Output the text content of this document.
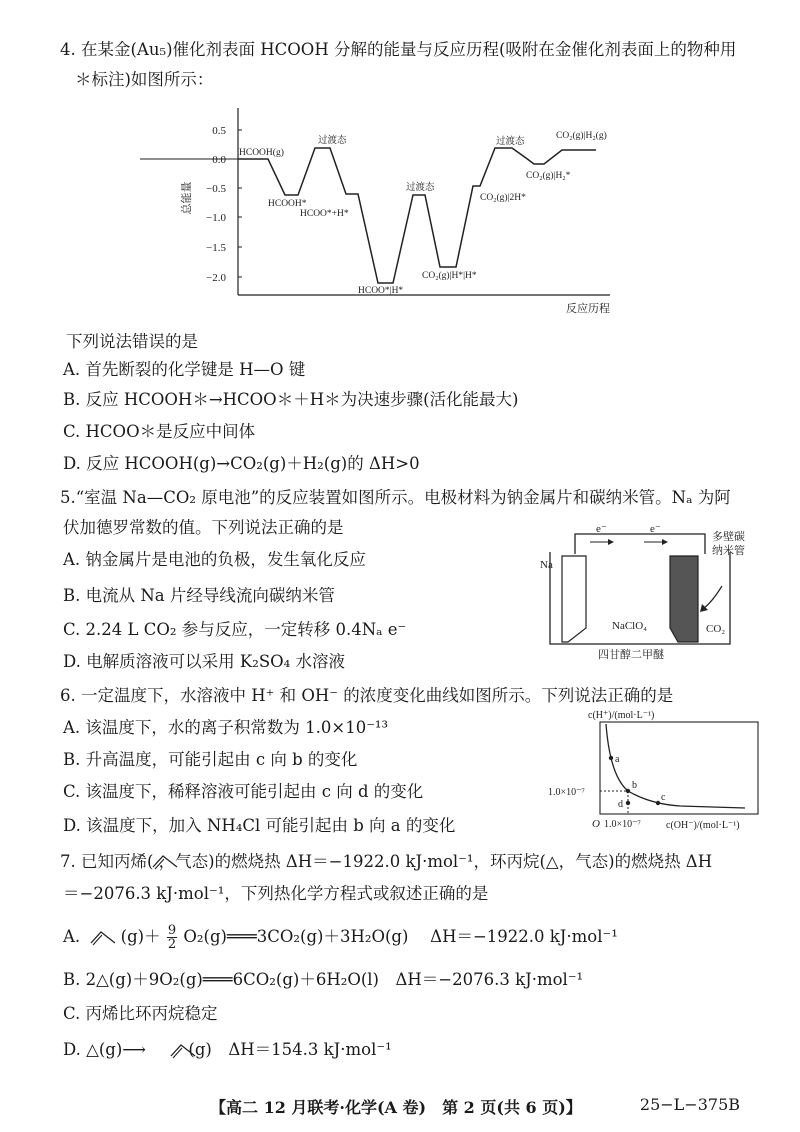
4. 在某金(Au₅)催化剂表面 HCOOH 分解的能量与反应历程(吸附在金催化剂表面上的物种用
＊标注)如图所示：
0.5
0.0
−0.5
−1.0
−1.5
−2.0
总能量
反应历程
HCOOH(g)
过渡态
HCOOH*
HCOO*+H*
HCOO*|H*
过渡态
CO₂(g)|H*|H*
CO₂(g)|2H*
过渡态
CO₂(g)|H₂*
CO₂(g)|H₂(g)
下列说法错误的是
A. 首先断裂的化学键是 H—O 键
B. 反应 HCOOH＊→HCOO＊＋H＊为决速步骤(活化能最大)
C. HCOO＊是反应中间体
D. 反应 HCOOH(g)→CO₂(g)＋H₂(g)的 ΔH>0
5.“室温 Na—CO₂ 原电池”的反应装置如图所示。电极材料为钠金属片和碳纳米管。Nₐ 为阿
伏加德罗常数的值。下列说法正确的是
A. 钠金属片是电池的负极，发生氧化反应
B. 电流从 Na 片经导线流向碳纳米管
C. 2.24 L CO₂ 参与反应，一定转移 0.4Nₐ e⁻
D. 电解质溶液可以采用 K₂SO₄ 水溶液
e⁻	e⁻
Na
多壁碳
纳米管
CO₂
NaClO₄
四甘醇二甲醚
6. 一定温度下，水溶液中 H⁺ 和 OH⁻ 的浓度变化曲线如图所示。下列说法正确的是
A. 该温度下，水的离子积常数为 1.0×10⁻¹³
B. 升高温度，可能引起由 c 向 b 的变化
C. 该温度下，稀释溶液可能引起由 c 向 d 的变化
D. 该温度下，加入 NH₄Cl 可能引起由 b 向 a 的变化
c(H⁺)/(mol·L⁻¹)
c(OH⁻)/(mol·L⁻¹)
O
1.0×10⁻⁷
1.0×10⁻⁷
a
b
c
d
7. 已知丙烯( ，气态)的燃烧热 ΔH＝−1922.0 kJ·mol⁻¹，环丙烷(△，气态)的燃烧热 ΔH
＝−2076.3 kJ·mol⁻¹，下列热化学方程式或叙述正确的是
A. $(g)+ \frac{9}{2}$ O₂(g)═══3CO₂(g)＋3H₂O(g)　 ΔH＝−1922.0 kJ·mol⁻¹
B. 2△(g)＋9O₂(g)═══6CO₂(g)＋6H₂O(l)　ΔH＝−2076.3 kJ·mol⁻¹
C. 丙烯比环丙烷稳定
D. △(g)⟶	(g)　ΔH＝154.3 kJ·mol⁻¹
【高二 12 月联考·化学(A 卷)　第 2 页(共 6 页)】	25−L−375B
